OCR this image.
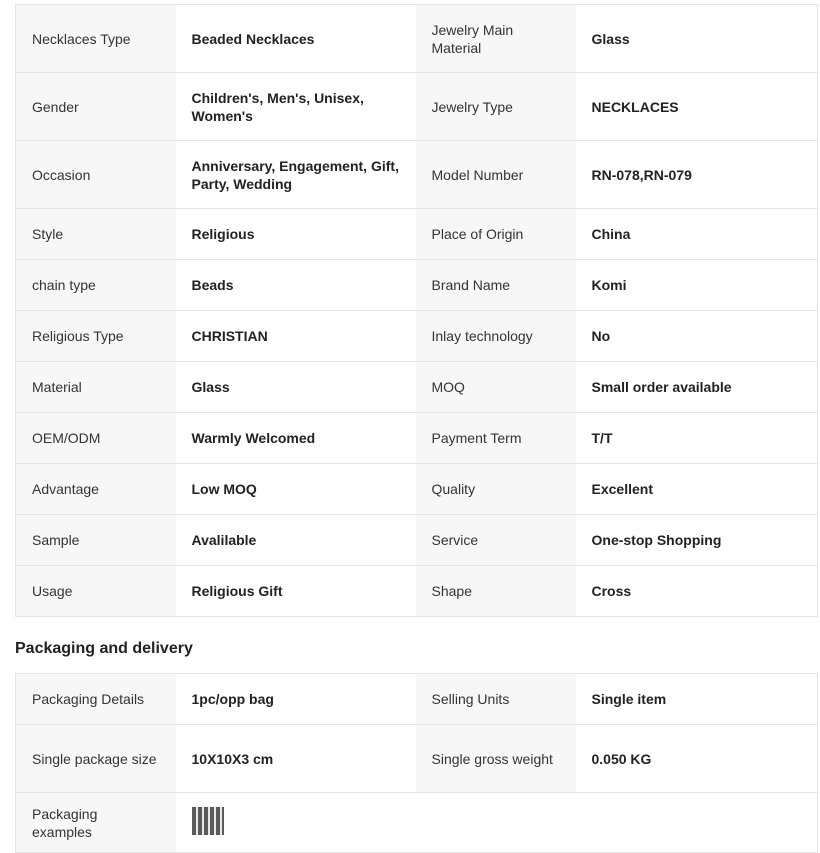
Necklaces Type	Beaded Necklaces	Jewelry Main Material	Glass
Gender	Children's, Men's, Unisex, Women's	Jewelry Type	NECKLACES
Occasion	Anniversary, Engagement, Gift, Party, Wedding	Model Number	RN-078,RN-079
Style	Religious	Place of Origin	China
chain type	Beads	Brand Name	Komi
Religious Type	CHRISTIAN	Inlay technology	No
Material	Glass	MOQ	Small order available
OEM/ODM	Warmly Welcomed	Payment Term	T/T
Advantage	Low MOQ	Quality	Excellent
Sample	Avalilable	Service	One-stop Shopping
Usage	Religious Gift	Shape	Cross
Packaging and delivery
Packaging Details	1pc/opp bag	Selling Units	Single item
Single package size	10X10X3 cm	Single gross weight	0.050 KG
Packaging examples			
